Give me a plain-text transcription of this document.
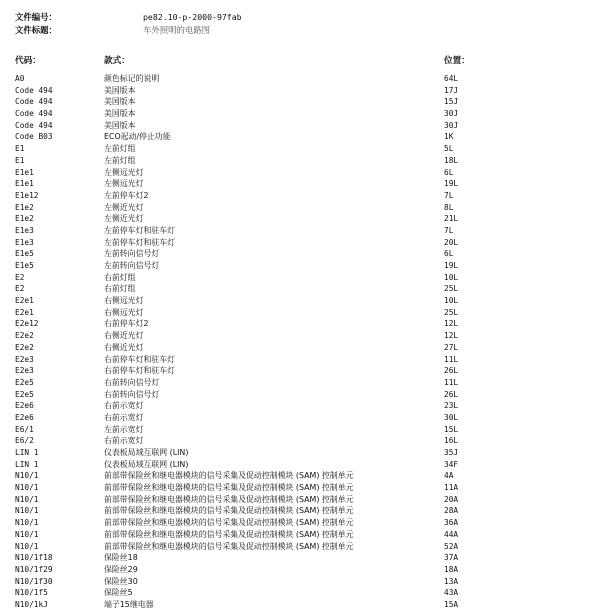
文件编号：	pe82.10-p-2000-97fab
文件标题：	车外照明的电路图
代码：	款式：	位置：
A0	颜色标记的说明	64L
Code 494	美国版本	17J
Code 494	美国版本	15J
Code 494	美国版本	30J
Code 494	美国版本	30J
Code B03	ECO起动/停止功能	1K
E1	左前灯组	5L
E1	左前灯组	18L
E1e1	左侧远光灯	6L
E1e1	左侧远光灯	19L
E1e12	左前停车灯2	7L
E1e2	左侧近光灯	8L
E1e2	左侧近光灯	21L
E1e3	左前停车灯和驻车灯	7L
E1e3	左前停车灯和驻车灯	20L
E1e5	左前转向信号灯	6L
E1e5	左前转向信号灯	19L
E2	右前灯组	10L
E2	右前灯组	25L
E2e1	右侧远光灯	10L
E2e1	右侧远光灯	25L
E2e12	右前停车灯2	12L
E2e2	右侧近光灯	12L
E2e2	右侧近光灯	27L
E2e3	右前停车灯和驻车灯	11L
E2e3	右前停车灯和驻车灯	26L
E2e5	右前转向信号灯	11L
E2e5	右前转向信号灯	26L
E2e6	右前示宽灯	23L
E2e6	右前示宽灯	30L
E6/1	左前示宽灯	15L
E6/2	右前示宽灯	16L
LIN 1	仪表板局域互联网 (LIN)	35J
LIN 1	仪表板局域互联网 (LIN)	34F
N10/1	前部带保险丝和继电器模块的信号采集及促动控制模块 (SAM) 控制单元	4A
N10/1	前部带保险丝和继电器模块的信号采集及促动控制模块 (SAM) 控制单元	11A
N10/1	前部带保险丝和继电器模块的信号采集及促动控制模块 (SAM) 控制单元	20A
N10/1	前部带保险丝和继电器模块的信号采集及促动控制模块 (SAM) 控制单元	28A
N10/1	前部带保险丝和继电器模块的信号采集及促动控制模块 (SAM) 控制单元	36A
N10/1	前部带保险丝和继电器模块的信号采集及促动控制模块 (SAM) 控制单元	44A
N10/1	前部带保险丝和继电器模块的信号采集及促动控制模块 (SAM) 控制单元	52A
N10/1f18	保险丝18	37A
N10/1f29	保险丝29	18A
N10/1f30	保险丝30	13A
N10/1f5	保险丝5	43A
N10/1kJ	端子15继电器	15A
